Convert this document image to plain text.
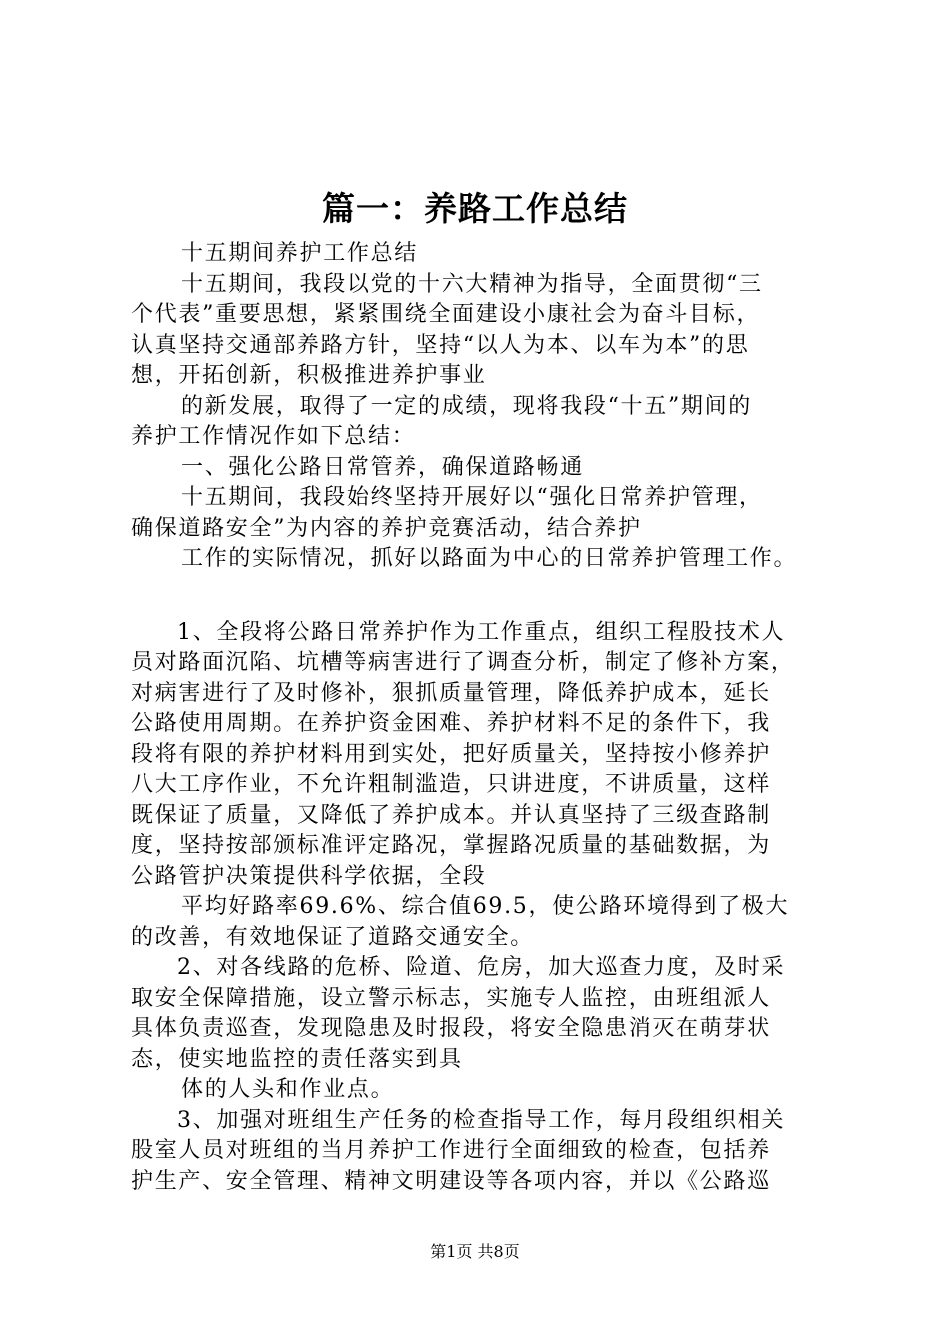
篇一：养路工作总结
十五期间养护工作总结
十五期间，我段以党的十六大精神为指导，全面贯彻“三
个代表”重要思想，紧紧围绕全面建设小康社会为奋斗目标，
认真坚持交通部养路方针，坚持“以人为本、以车为本”的思
想，开拓创新，积极推进养护事业
的新发展，取得了一定的成绩，现将我段“十五”期间的
养护工作情况作如下总结：
一、强化公路日常管养，确保道路畅通
十五期间，我段始终坚持开展好以“强化日常养护管理，
确保道路安全”为内容的养护竞赛活动，结合养护
工作的实际情况，抓好以路面为中心的日常养护管理工作。
1、全段将公路日常养护作为工作重点，组织工程股技术人
员对路面沉陷、坑槽等病害进行了调查分析，制定了修补方案，
对病害进行了及时修补，狠抓质量管理，降低养护成本，延长
公路使用周期。在养护资金困难、养护材料不足的条件下，我
段将有限的养护材料用到实处，把好质量关，坚持按小修养护
八大工序作业，不允许粗制滥造，只讲进度，不讲质量，这样
既保证了质量，又降低了养护成本。并认真坚持了三级查路制
度，坚持按部颁标准评定路况，掌握路况质量的基础数据，为
公路管护决策提供科学依据，全段
平均好路率69.6%、综合值69.5，使公路环境得到了极大
的改善，有效地保证了道路交通安全。
2、对各线路的危桥、险道、危房，加大巡查力度，及时采
取安全保障措施，设立警示标志，实施专人监控，由班组派人
具体负责巡查，发现隐患及时报段，将安全隐患消灭在萌芽状
态，使实地监控的责任落实到具
体的人头和作业点。
3、加强对班组生产任务的检查指导工作，每月段组织相关
股室人员对班组的当月养护工作进行全面细致的检查，包括养
护生产、安全管理、精神文明建设等各项内容，并以《公路巡
第1页 共8页
